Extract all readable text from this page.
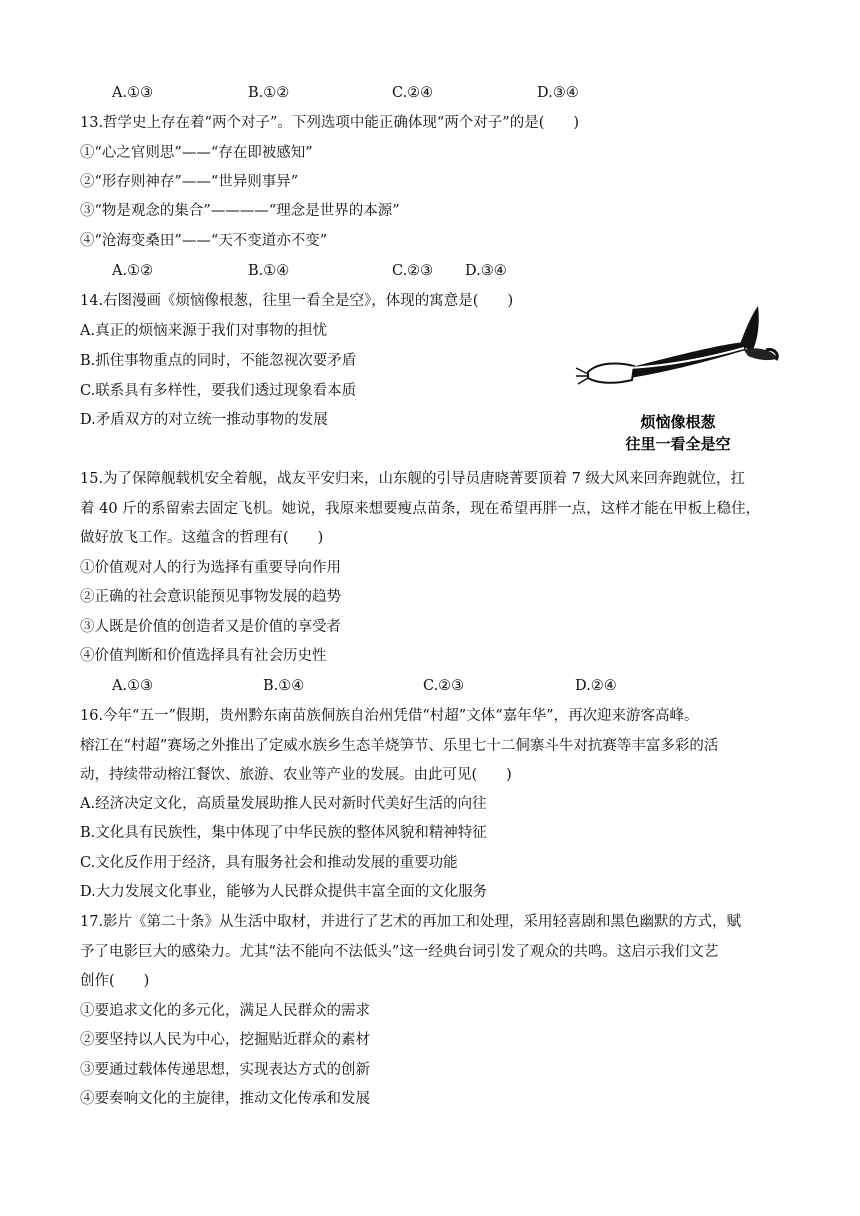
A.①③	B.①②	C.②④	D.③④
13.哲学史上存在着“两个对子”。下列选项中能正确体现“两个对子”的是(　　)
①“心之官则思”——“存在即被感知”
②“形存则神存”——“世异则事异”
③“物是观念的集合”————“理念是世界的本源”
④“沧海变桑田”——“天不变道亦不变”
A.①②	B.①④	C.②③ D.③④
14.右图漫画《烦恼像根葱，往里一看全是空》，体现的寓意是(　　)
A.真正的烦恼来源于我们对事物的担忧
B.抓住事物重点的同时，不能忽视次要矛盾
C.联系具有多样性，要我们透过现象看本质
D.矛盾双方的对立统一推动事物的发展	烦恼像根葱
往里一看全是空
15.为了保障舰载机安全着舰，战友平安归来，山东舰的引导员唐晓菁要顶着 7 级大风来回奔跑就位，扛
着 40 斤的系留索去固定飞机。她说，我原来想要瘦点苗条，现在希望再胖一点，这样才能在甲板上稳住，
做好放飞工作。这蕴含的哲理有(　　)
①价值观对人的行为选择有重要导向作用
②正确的社会意识能预见事物发展的趋势
③人既是价值的创造者又是价值的享受者
④价值判断和价值选择具有社会历史性
A.①③	B.①④	C.②③	D.②④
16.今年“五一”假期，贵州黔东南苗族侗族自治州凭借“村超”文体“嘉年华”，再次迎来游客高峰。
榕江在“村超”赛场之外推出了定威水族乡生态羊烧笋节、乐里七十二侗寨斗牛对抗赛等丰富多彩的活
动，持续带动榕江餐饮、旅游、农业等产业的发展。由此可见(　　)
A.经济决定文化，高质量发展助推人民对新时代美好生活的向往
B.文化具有民族性，集中体现了中华民族的整体风貌和精神特征
C.文化反作用于经济，具有服务社会和推动发展的重要功能
D.大力发展文化事业，能够为人民群众提供丰富全面的文化服务
17.影片《第二十条》从生活中取材，并进行了艺术的再加工和处理，采用轻喜剧和黑色幽默的方式，赋
予了电影巨大的感染力。尤其“法不能向不法低头”这一经典台词引发了观众的共鸣。这启示我们文艺
创作(　　)
①要追求文化的多元化，满足人民群众的需求
②要坚持以人民为中心，挖掘贴近群众的素材
③要通过载体传递思想，实现表达方式的创新
④要奏响文化的主旋律，推动文化传承和发展
